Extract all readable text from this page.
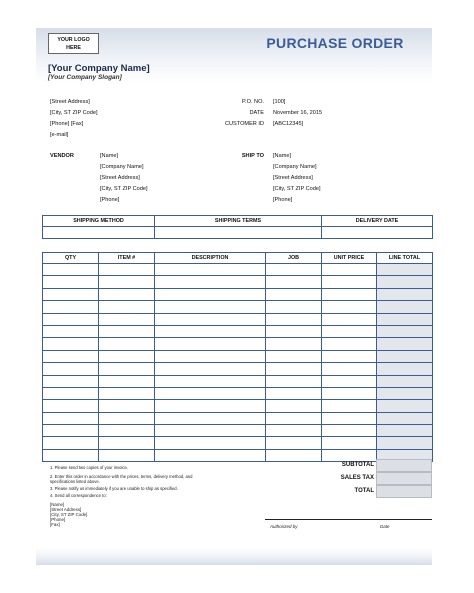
YOUR LOGO
HERE	PURCHASE ORDER
[Your Company Name]
[Your Company Slogan]
[Street Address]
[City, ST ZIP Code]
[Phone] [Fax]
[e-mail]
P.O. NO. [100]
DATE November 16, 2015
CUSTOMER ID [ABC12345]
VENDOR	[Name]
[Company Name]
[Street Address]
[City, ST ZIP Code]
[Phone]
SHIP TO [Name]
[Company Name]
[Street Address]
[City, ST ZIP Code]
[Phone]
SHIPPING METHOD	SHIPPING TERMS	DELIVERY DATE

QTY	ITEM #	DESCRIPTION	JOB	UNIT PRICE	LINE TOTAL

SUBTOTAL
SALES TAX
TOTAL
1. Please send two copies of your invoice.
2. Enter this order in accordance with the prices, terms, delivery method, and
specifications listed above.
3. Please notify us immediately if you are unable to ship as specified.
4. Send all correspondence to:
[Name]
[Street Address]
[City, ST ZIP Code]
[Phone]
[Fax]	Authorized by	Date
